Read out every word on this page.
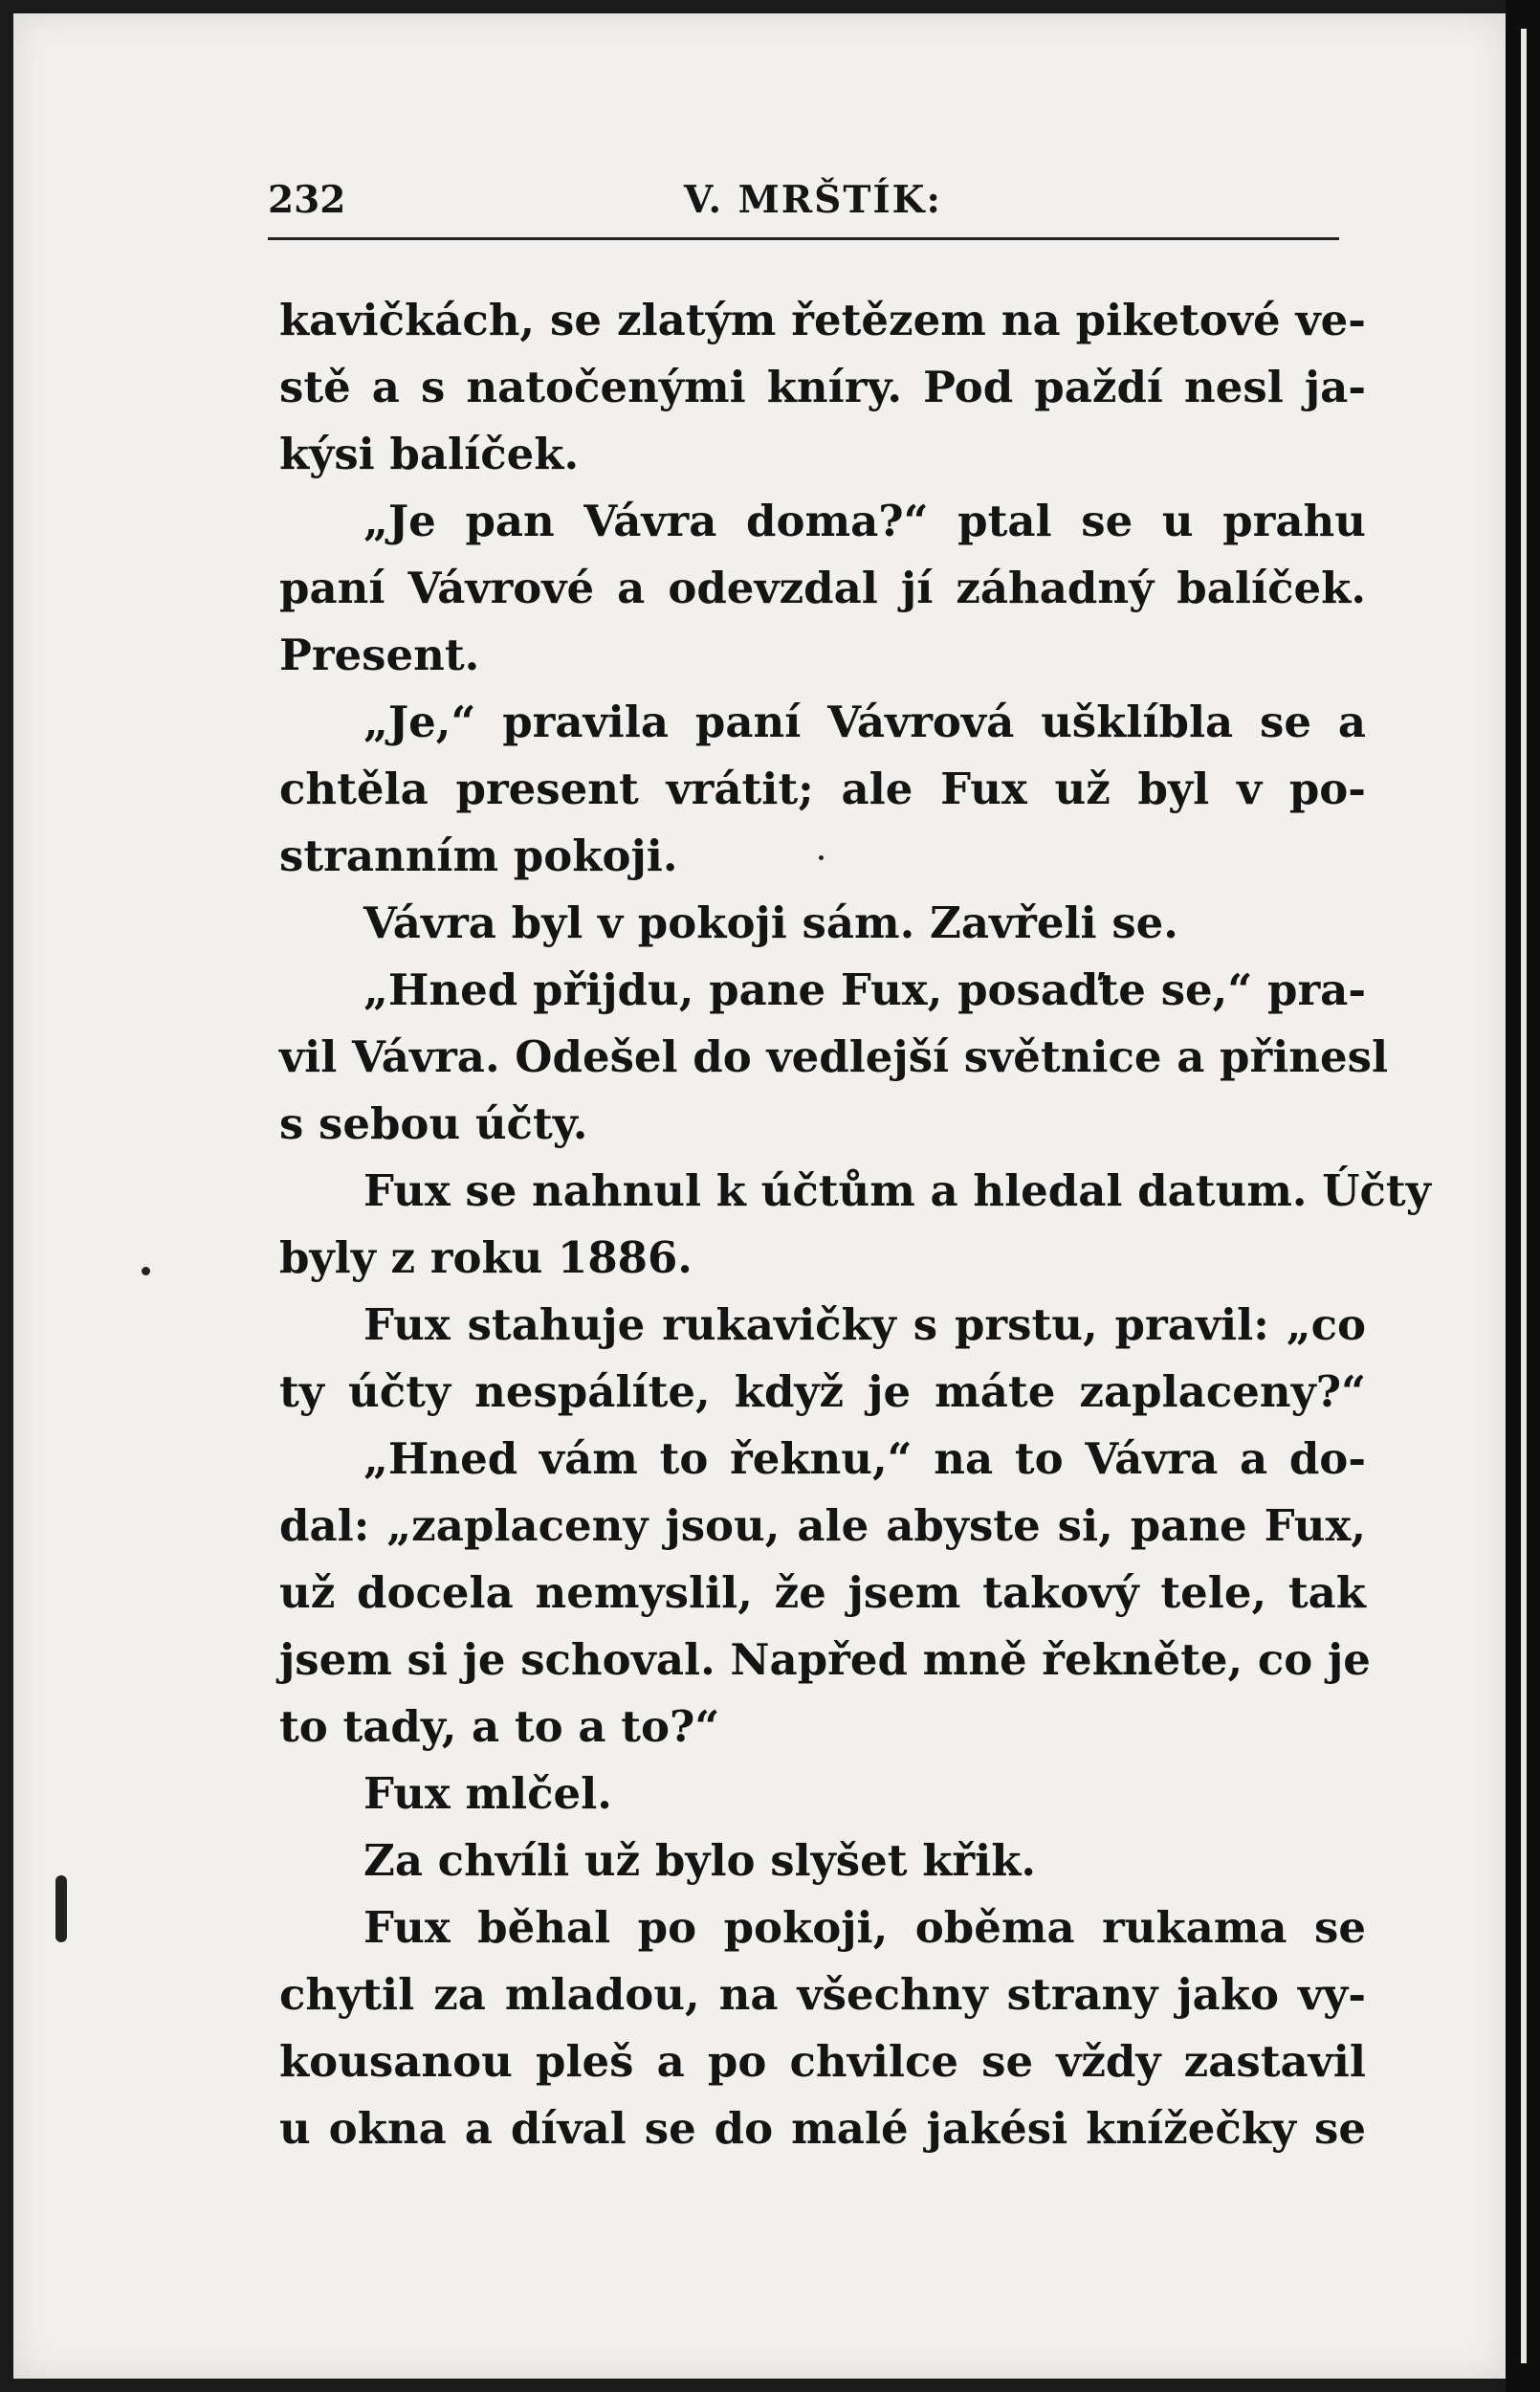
232	V. MRŠTÍK:
kavičkách, se zlatým řetězem na piketové ve-
stě a s natočenými kníry. Pod paždí nesl ja-
kýsi balíček.
„Je pan Vávra doma?“ ptal se u prahu
paní Vávrové a odevzdal jí záhadný balíček.
Present.
„Je,“ pravila paní Vávrová ušklíbla se a
chtěla present vrátit; ale Fux už byl v po-
stranním pokoji.
Vávra byl v pokoji sám. Zavřeli se.
„Hned přijdu, pane Fux, posaďte se,“ pra-
vil Vávra. Odešel do vedlejší světnice a přinesl
s sebou účty.
Fux se nahnul k účtům a hledal datum. Účty
byly z roku 1886.
Fux stahuje rukavičky s prstu, pravil: „co
ty účty nespálíte, když je máte zaplaceny?“
„Hned vám to řeknu,“ na to Vávra a do-
dal: „zaplaceny jsou, ale abyste si, pane Fux,
už docela nemyslil, že jsem takový tele, tak
jsem si je schoval. Napřed mně řekněte, co je
to tady, a to a to?“
Fux mlčel.
Za chvíli už bylo slyšet křik.
Fux běhal po pokoji, oběma rukama se
chytil za mladou, na všechny strany jako vy-
kousanou pleš a po chvilce se vždy zastavil
u okna a díval se do malé jakési knížečky se
